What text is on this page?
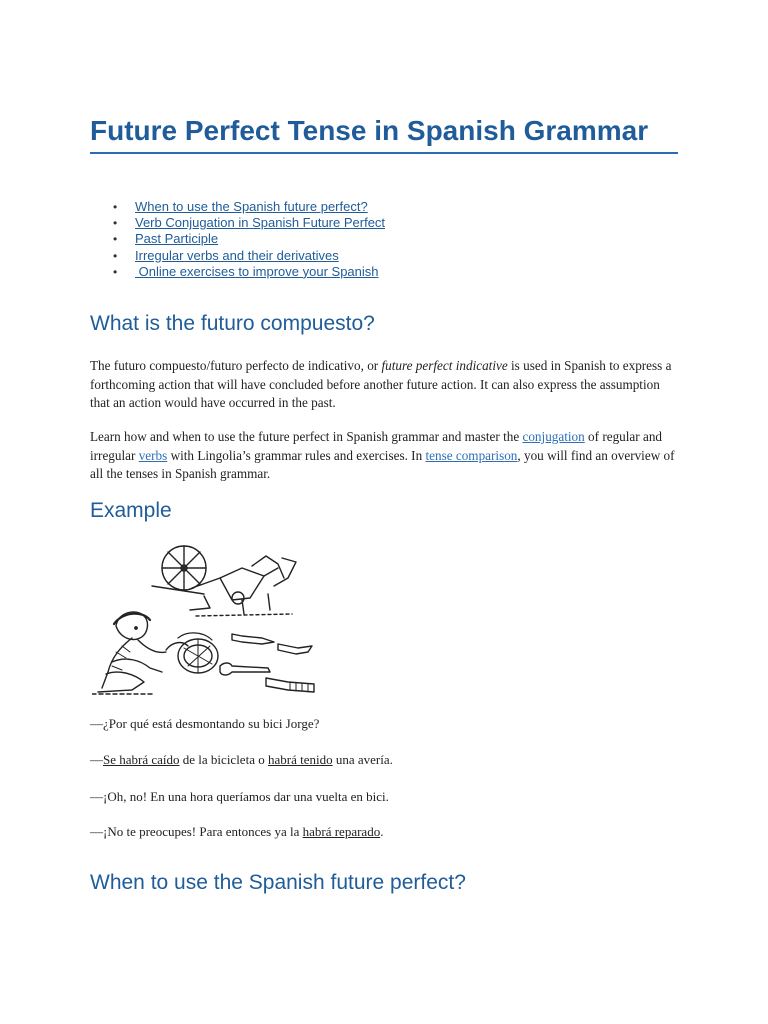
Future Perfect Tense in Spanish Grammar
• When to use the Spanish future perfect?
• Verb Conjugation in Spanish Future Perfect
• Past Participle
• Irregular verbs and their derivatives
• Online exercises to improve your Spanish
What is the futuro compuesto?

The futuro compuesto/futuro perfecto de indicativo, or future perfect indicative is used in Spanish to express a forthcoming action that will have concluded before another future action. It can also express the assumption that an action would have occurred in the past.

Learn how and when to use the future perfect in Spanish grammar and master the conjugation of regular and irregular verbs with Lingolia’s grammar rules and exercises. In tense comparison, you will find an overview of all the tenses in Spanish grammar.

Example

—¿Por qué está desmontando su bici Jorge?

—Se habrá caído de la bicicleta o habrá tenido una avería.

—¡Oh, no! En una hora queríamos dar una vuelta en bici.

—¡No te preocupes! Para entonces ya la habrá reparado.

When to use the Spanish future perfect?
